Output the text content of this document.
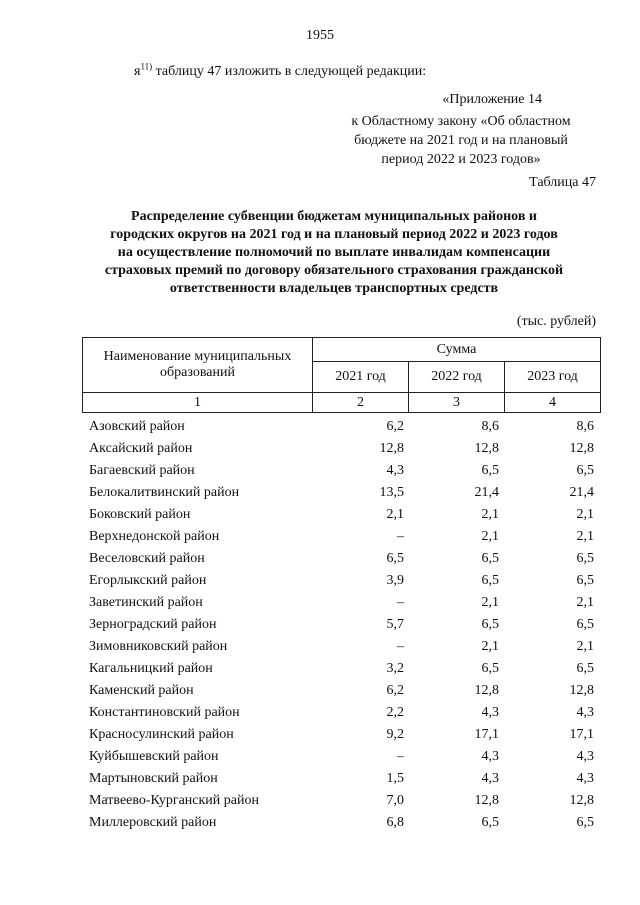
1955
$я^{11)}$ таблицу 47 изложить в следующей редакции:
«Приложение 14
к Областному закону «Об областном
бюджете на 2021 год и на плановый
период 2022 и 2023 годов»
Таблица 47
Распределение субвенции бюджетам муниципальных районов и
городских округов на 2021 год и на плановый период 2022 и 2023 годов
на осуществление полномочий по выплате инвалидам компенсации
страховых премий по договору обязательного страхования гражданской
ответственности владельцев транспортных средств
(тыс. рублей)
Наименование муниципальных образований	Сумма		
	2021 год	2022 год	2023 год
1	2	3	4
Азовский район	6,2	8,6	8,6
Аксайский район	12,8	12,8	12,8
Багаевский район	4,3	6,5	6,5
Белокалитвинский район	13,5	21,4	21,4
Боковский район	2,1	2,1	2,1
Верхнедонской район	–	2,1	2,1
Веселовский район	6,5	6,5	6,5
Егорлыкский район	3,9	6,5	6,5
Заветинский район	–	2,1	2,1
Зерноградский район	5,7	6,5	6,5
Зимовниковский район	–	2,1	2,1
Кагальницкий район	3,2	6,5	6,5
Каменский район	6,2	12,8	12,8
Константиновский район	2,2	4,3	4,3
Красносулинский район	9,2	17,1	17,1
Куйбышевский район	–	4,3	4,3
Мартыновский район	1,5	4,3	4,3
Матвеево-Курганский район	7,0	12,8	12,8
Миллеровский район	6,8	6,5	6,5
